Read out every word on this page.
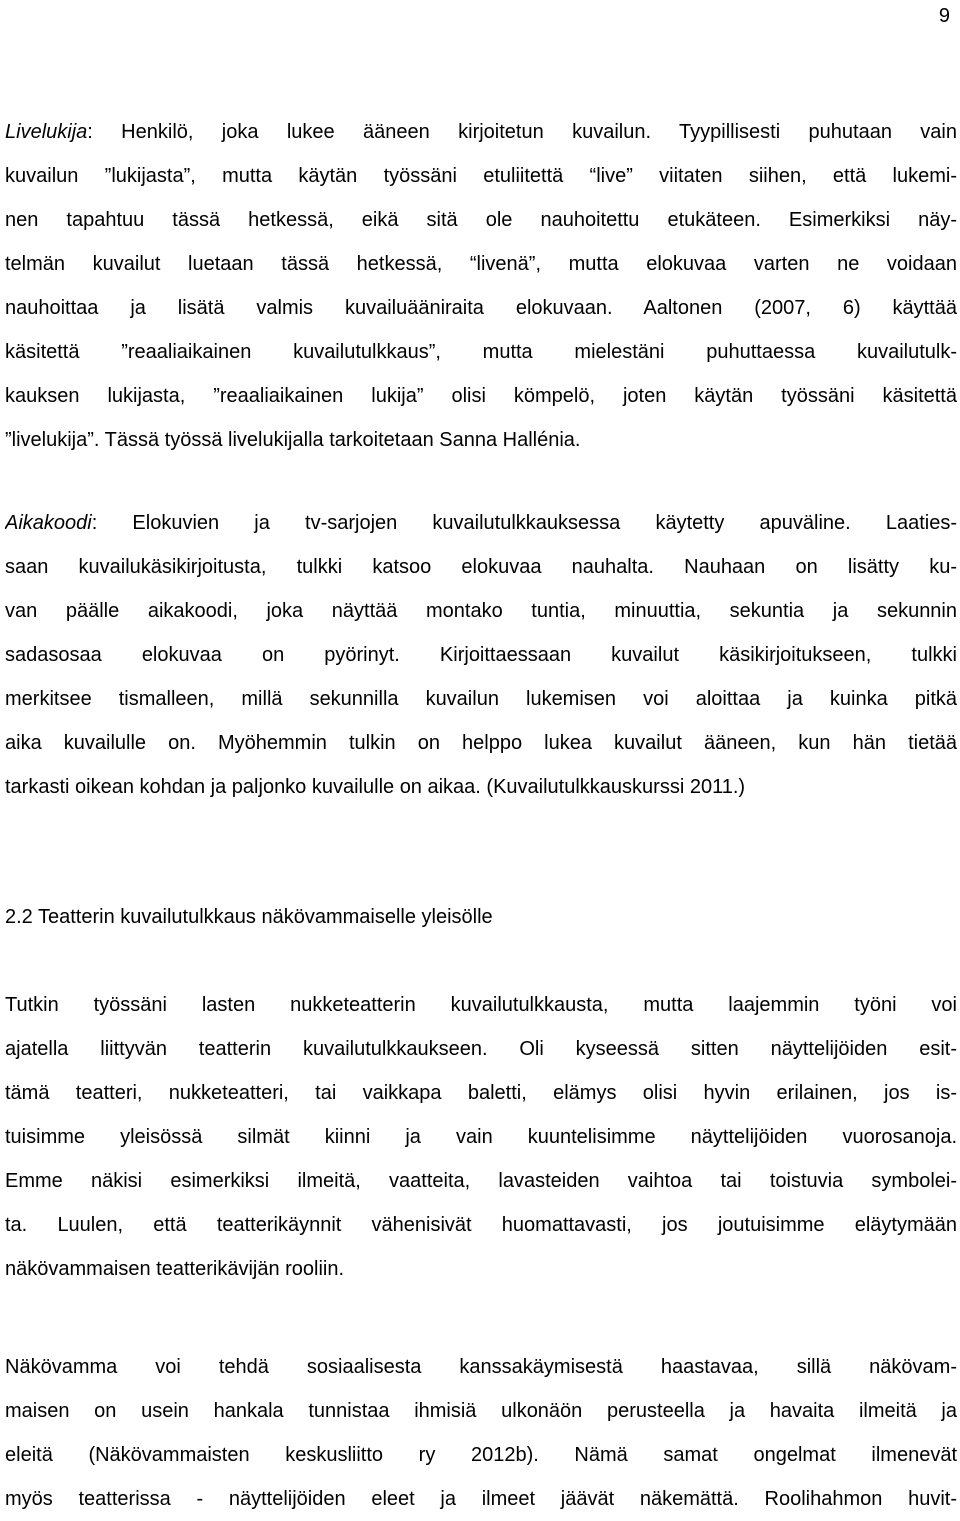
9
Livelukija: Henkilö, joka lukee ääneen kirjoitetun kuvailun. Tyypillisesti puhutaan vain
kuvailun ”lukijasta”, mutta käytän työssäni etuliitettä “live” viitaten siihen, että lukemi-
nen tapahtuu tässä hetkessä, eikä sitä ole nauhoitettu etukäteen. Esimerkiksi näy-
telmän kuvailut luetaan tässä hetkessä, “livenä”, mutta elokuvaa varten ne voidaan
nauhoittaa ja lisätä valmis kuvailuääniraita elokuvaan. Aaltonen (2007, 6) käyttää
käsitettä ”reaaliaikainen kuvailutulkkaus”, mutta mielestäni puhuttaessa kuvailutulk-
kauksen lukijasta, ”reaaliaikainen lukija” olisi kömpelö, joten käytän työssäni käsitettä
”livelukija”. Tässä työssä livelukijalla tarkoitetaan Sanna Hallénia.
Aikakoodi: Elokuvien ja tv-sarjojen kuvailutulkkauksessa käytetty apuväline. Laaties-
saan kuvailukäsikirjoitusta, tulkki katsoo elokuvaa nauhalta. Nauhaan on lisätty ku-
van päälle aikakoodi, joka näyttää montako tuntia, minuuttia, sekuntia ja sekunnin
sadasosaa elokuvaa on pyörinyt. Kirjoittaessaan kuvailut käsikirjoitukseen, tulkki
merkitsee tismalleen, millä sekunnilla kuvailun lukemisen voi aloittaa ja kuinka pitkä
aika kuvailulle on. Myöhemmin tulkin on helppo lukea kuvailut ääneen, kun hän tietää
tarkasti oikean kohdan ja paljonko kuvailulle on aikaa. (Kuvailutulkkauskurssi 2011.)
2.2 Teatterin kuvailutulkkaus näkövammaiselle yleisölle
Tutkin työssäni lasten nukketeatterin kuvailutulkkausta, mutta laajemmin työni voi
ajatella liittyvän teatterin kuvailutulkkaukseen. Oli kyseessä sitten näyttelijöiden esit-
tämä teatteri, nukketeatteri, tai vaikkapa baletti, elämys olisi hyvin erilainen, jos is-
tuisimme yleisössä silmät kiinni ja vain kuuntelisimme näyttelijöiden vuorosanoja.
Emme näkisi esimerkiksi ilmeitä, vaatteita, lavasteiden vaihtoa tai toistuvia symbolei-
ta. Luulen, että teatterikäynnit vähenisivät huomattavasti, jos joutuisimme eläytymään
näkövammaisen teatterikävijän rooliin.
Näkövamma voi tehdä sosiaalisesta kanssakäymisestä haastavaa, sillä näkövam-
maisen on usein hankala tunnistaa ihmisiä ulkonäön perusteella ja havaita ilmeitä ja
eleitä (Näkövammaisten keskusliitto ry 2012b). Nämä samat ongelmat ilmenevät
myös teatterissa - näyttelijöiden eleet ja ilmeet jäävät näkemättä. Roolihahmon huvit-
